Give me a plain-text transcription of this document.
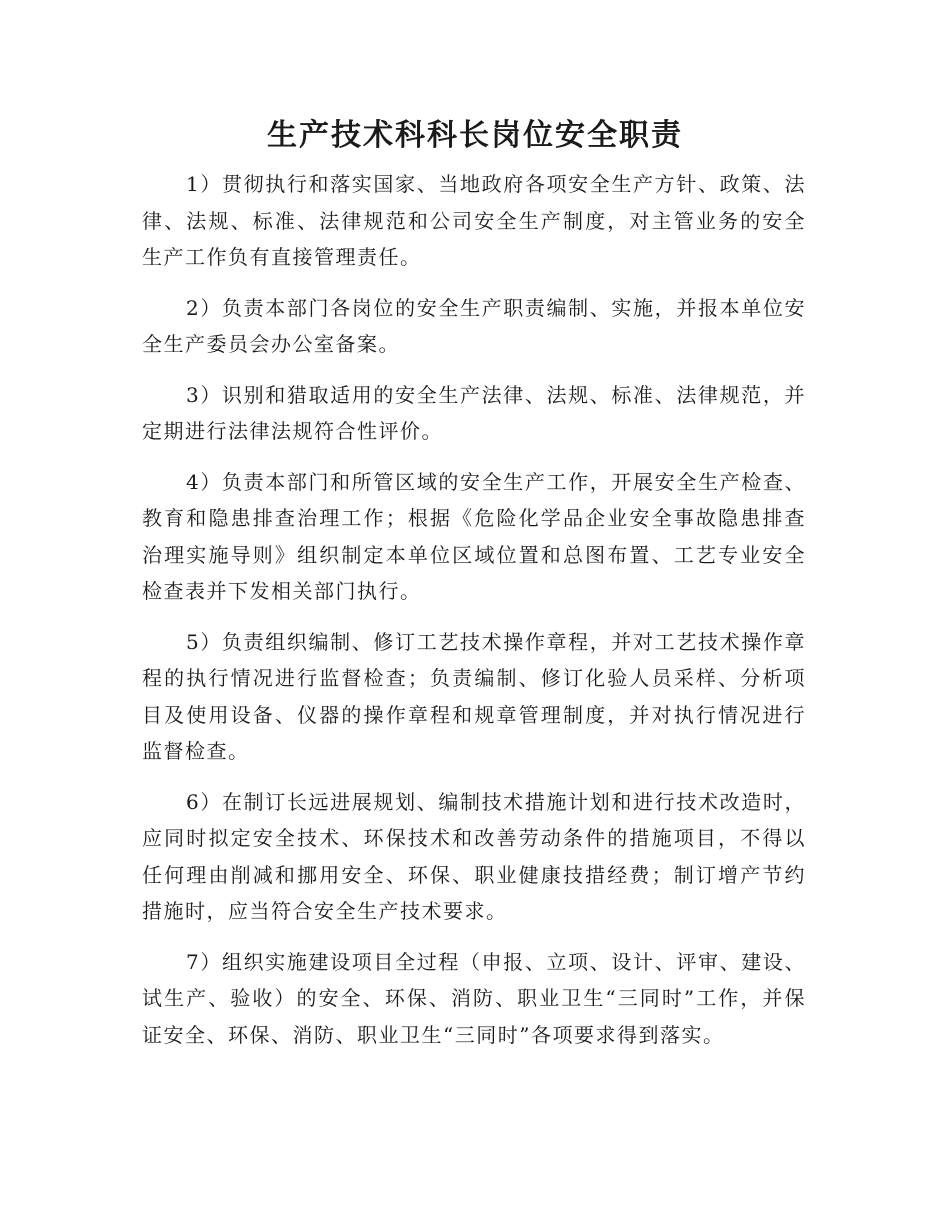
生产技术科科长岗位安全职责

1）贯彻执行和落实国家、当地政府各项安全生产方针、政策、法律、法规、标准、法律规范和公司安全生产制度，对主管业务的安全生产工作负有直接管理责任。

2）负责本部门各岗位的安全生产职责编制、实施，并报本单位安全生产委员会办公室备案。

3）识别和猎取适用的安全生产法律、法规、标准、法律规范，并定期进行法律法规符合性评价。

4）负责本部门和所管区域的安全生产工作，开展安全生产检查、教育和隐患排查治理工作；根据《危险化学品企业安全事故隐患排查治理实施导则》组织制定本单位区域位置和总图布置、工艺专业安全检查表并下发相关部门执行。

5）负责组织编制、修订工艺技术操作章程，并对工艺技术操作章程的执行情况进行监督检查；负责编制、修订化验人员采样、分析项目及使用设备、仪器的操作章程和规章管理制度，并对执行情况进行监督检查。

6）在制订长远进展规划、编制技术措施计划和进行技术改造时，应同时拟定安全技术、环保技术和改善劳动条件的措施项目，不得以任何理由削减和挪用安全、环保、职业健康技措经费；制订增产节约措施时，应当符合安全生产技术要求。

7）组织实施建设项目全过程（申报、立项、设计、评审、建设、试生产、验收）的安全、环保、消防、职业卫生“三同时”工作，并保证安全、环保、消防、职业卫生“三同时”各项要求得到落实。
